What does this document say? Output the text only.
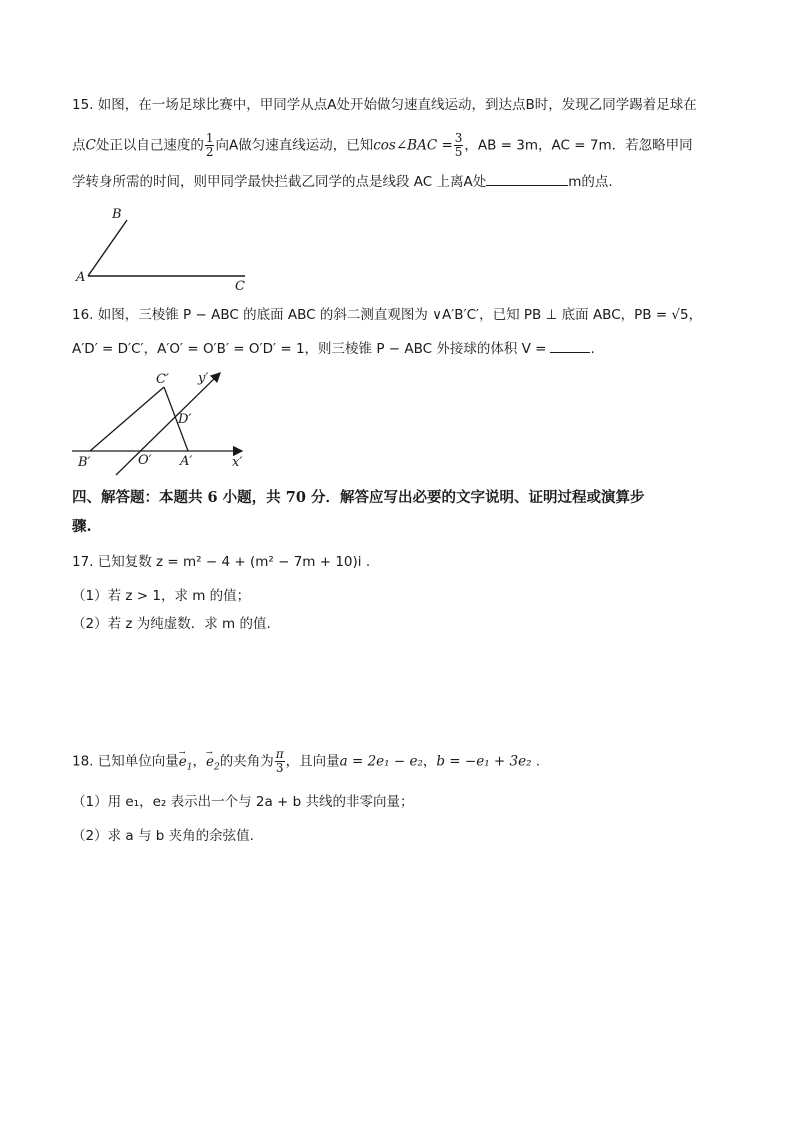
15. 如图，在一场足球比赛中，甲同学从点A处开始做匀速直线运动，到达点B时，发现乙同学踢着足球在
点C处正以自己速度的 $\frac{1}{2}$ 向A做匀速直线运动，已知cos∠BAC = $\frac{3}{5}$ ，AB = 3m，AC = 7m．若忽略甲同
学转身所需的时间，则甲同学最快拦截乙同学的点是线段 AC 上离A处	m的点.
B
A
C
16. 如图，三棱锥 P − ABC 的底面 ABC 的斜二测直观图为 ∨A′B′C′，已知 PB ⊥ 底面 ABC，PB = √5，
A′D′ = D′C′，A′O′ = O′B′ = O′D′ = 1，则三棱锥 P − ABC 外接球的体积 V =	.
C′ y′
D′
B′	O′ A′	x′
四、解答题：本题共 6 小题，共 70 分．解答应写出必要的文字说明、证明过程或演算步
骤.
17. 已知复数 z = m² − 4 + (m² − 7m + 10)i .
（1）若 z > 1，求 m 的值；
（2）若 z 为纯虚数．求 m 的值.
18. 已知单位向量→ $e_1$，→ $e_2$的夹角为 $\frac{\pi}{3}$ ，且向量a = 2e₁ − e₂，b = −e₁ + 3e₂ .
（1）用 e₁，e₂ 表示出一个与 2a + b 共线的非零向量；
（2）求 a 与 b 夹角的余弦值.
